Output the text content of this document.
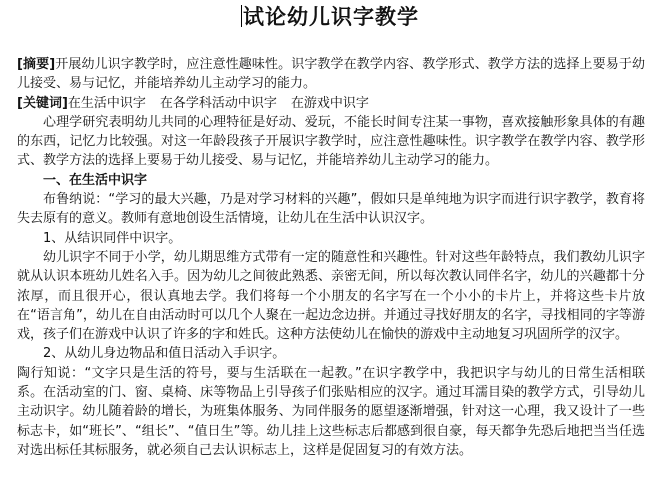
试论幼儿识字教学

[摘要]开展幼儿识字教学时，应注意性趣味性。识字教学在教学内容、教学形式、教学方法的选择上要易于幼儿接受、易与记忆，并能培养幼儿主动学习的能力。

[关键词]在生活中识字 在各学科活动中识字 在游戏中识字

心理学研究表明幼儿共同的心理特征是好动、爱玩，不能长时间专注某一事物，喜欢接触形象具体的有趣的东西，记忆力比较强。对这一年龄段孩子开展识字教学时，应注意性趣味性。识字教学在教学内容、教学形式、教学方法的选择上要易于幼儿接受、易与记忆，并能培养幼儿主动学习的能力。

一、在生活中识字

布鲁纳说：“学习的最大兴趣，乃是对学习材料的兴趣”，假如只是单纯地为识字而进行识字教学，教育将失去原有的意义。教师有意地创设生活情境，让幼儿在生活中认识汉字。

1、从结识同伴中识字。

幼儿识字不同于小学，幼儿期思维方式带有一定的随意性和兴趣性。针对这些年龄特点，我们教幼儿识字就从认识本班幼儿姓名入手。因为幼儿之间彼此熟悉、亲密无间，所以每次教认同伴名字，幼儿的兴趣都十分浓厚，而且很开心，很认真地去学。我们将每一个小朋友的名字写在一个小小的卡片上，并将这些卡片放在“语言角”，幼儿在自由活动时可以几个人聚在一起边念边拼。并通过寻找好朋友的名字，寻找相同的字等游戏，孩子们在游戏中认识了许多的字和姓氏。这种方法使幼儿在愉快的游戏中主动地复习巩固所学的汉字。

2、从幼儿身边物品和值日活动入手识字。

陶行知说：“文字只是生活的符号，要与生活联在一起教。”在识字教学中，我把识字与幼儿的日常生活相联系。在活动室的门、窗、桌椅、床等物品上引导孩子们张贴相应的汉字。通过耳濡目染的教学方式，引导幼儿主动识字。幼儿随着龄的增长，为班集体服务、为同伴服务的愿望逐渐增强，针对这一心理，我又设计了一些标志卡，如“班长”、“组长”、“值日生”等。幼儿挂上这些标志后都感到很自豪，每天都争先恐后地把当当任选对选出标任其标服务，就必须自己去认识标志上，这样是促固复习的有效方法。
